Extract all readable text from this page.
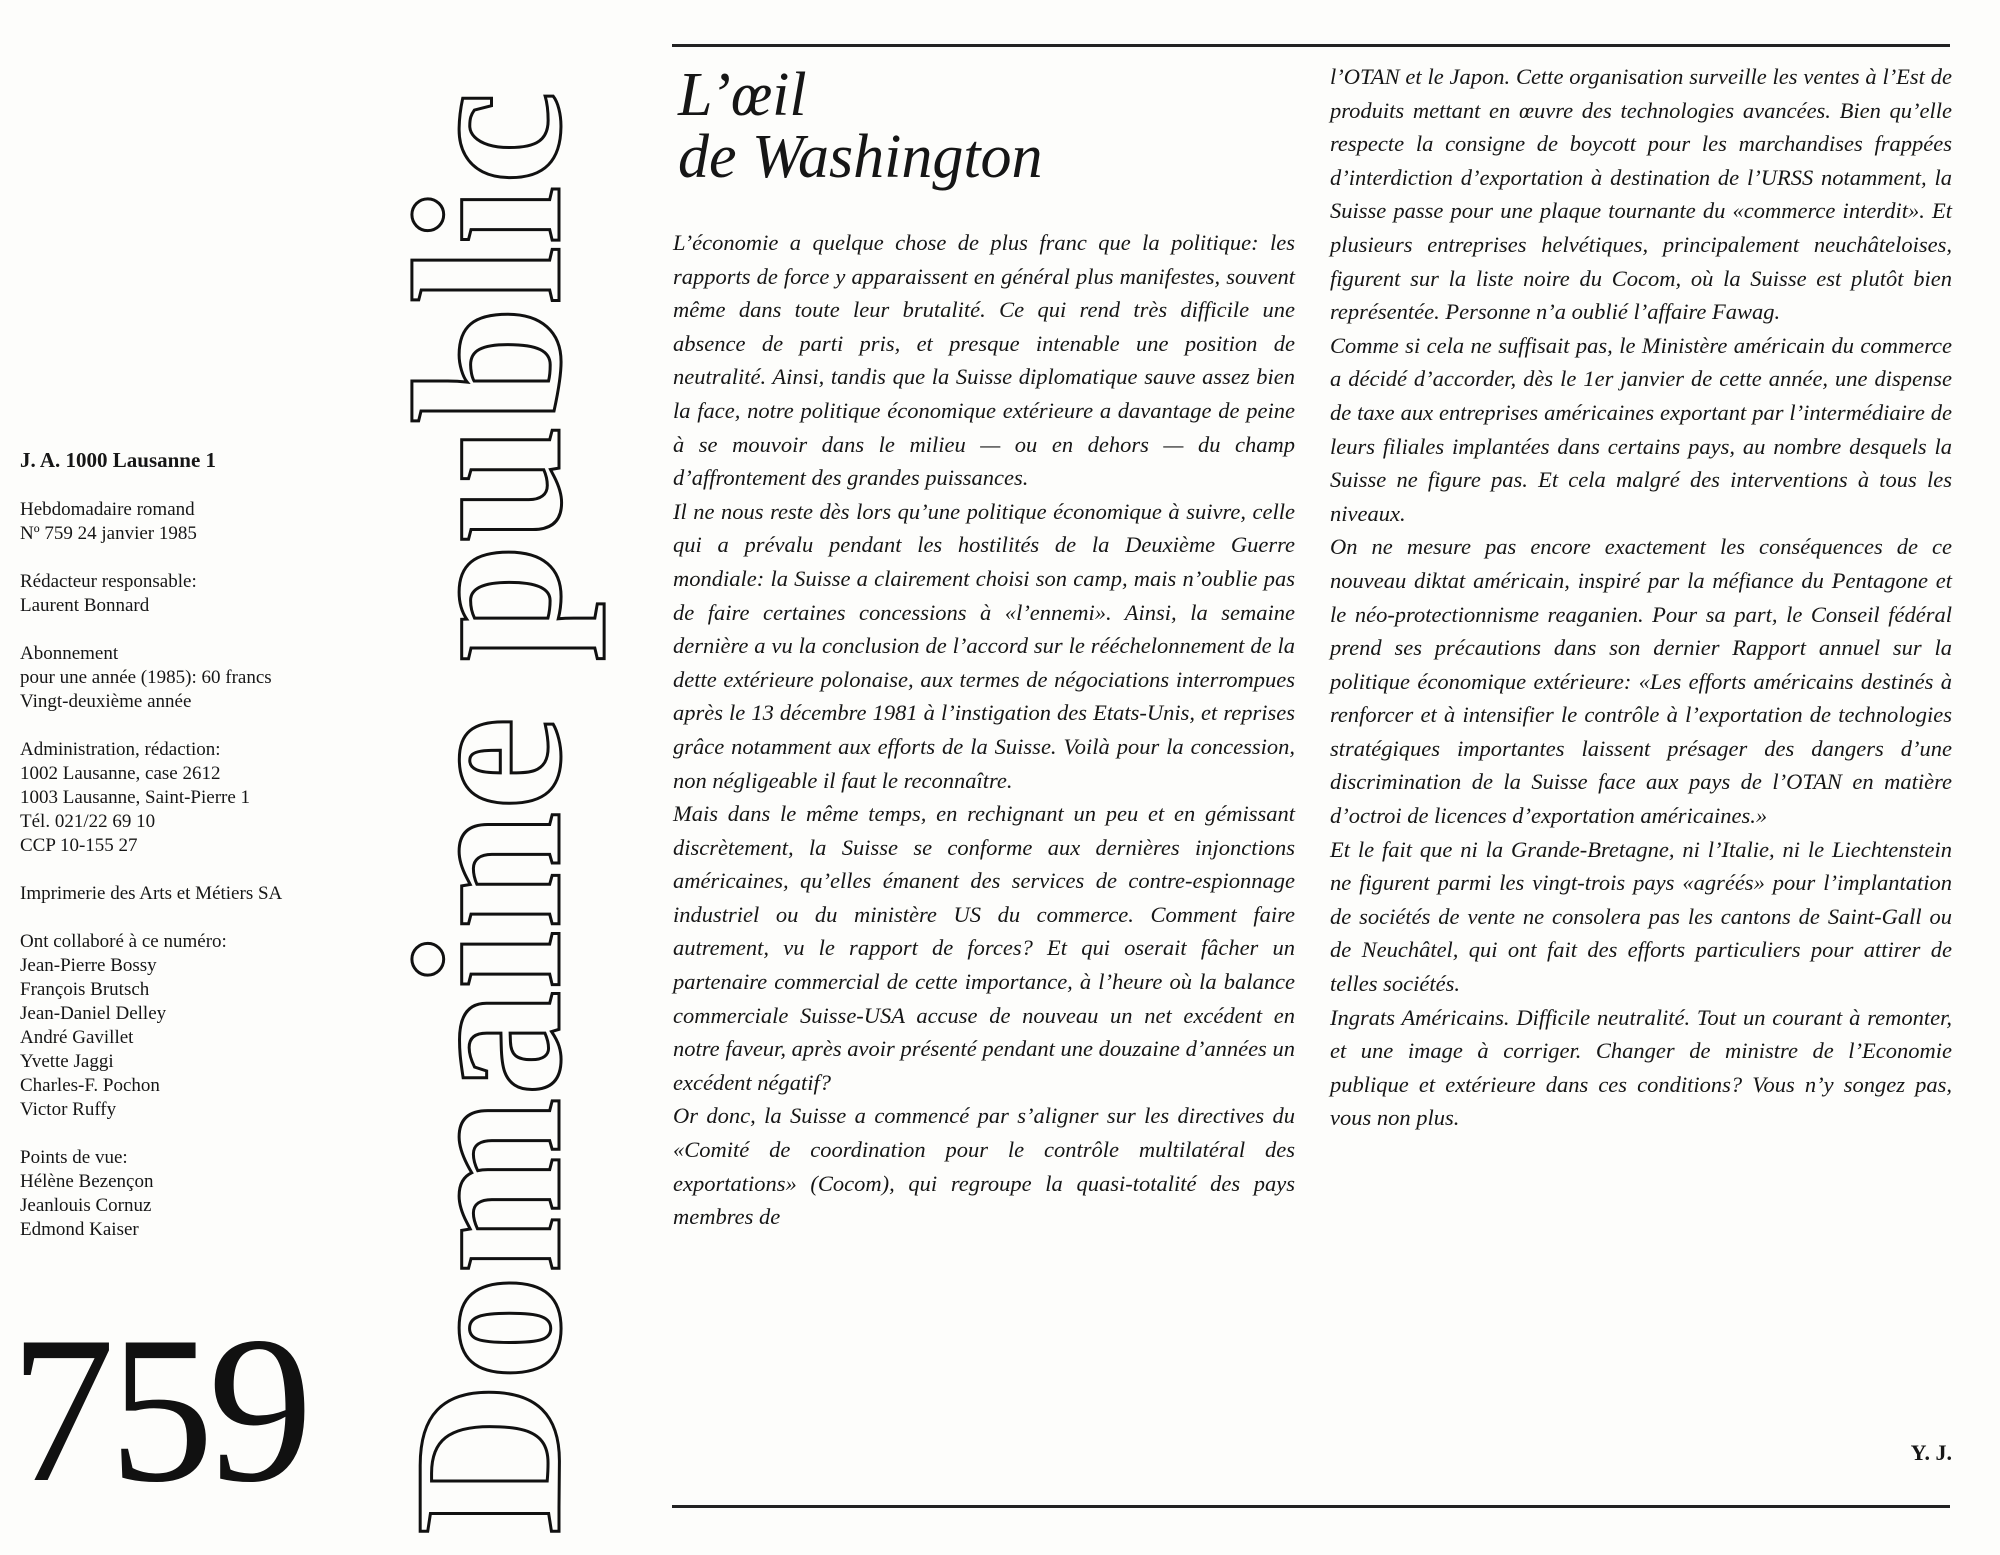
J. A. 1000 Lausanne 1
Hebdomadaire romand
Nº 759 24 janvier 1985
Rédacteur responsable:
Laurent Bonnard
Abonnement
pour une année (1985): 60 francs
Vingt-deuxième année
Administration, rédaction:
1002 Lausanne, case 2612
1003 Lausanne, Saint-Pierre 1
Tél. 021/22 69 10
CCP 10-155 27
Imprimerie des Arts et Métiers SA
Ont collaboré à ce numéro:
Jean-Pierre Bossy
François Brutsch
Jean-Daniel Delley
André Gavillet
Yvette Jaggi
Charles-F. Pochon
Victor Ruffy
Points de vue:
Hélène Bezençon
Jeanlouis Cornuz
Edmond Kaiser
759 Domaine public L’œil
de Washington

L’économie a quelque chose de plus franc que la politique: les rapports de force y apparaissent en général plus manifestes, souvent même dans toute leur brutalité. Ce qui rend très difficile une absence de parti pris, et presque intenable une position de neutralité. Ainsi, tandis que la Suisse diplomatique sauve assez bien la face, notre politique économique extérieure a davantage de peine à se mouvoir dans le milieu — ou en dehors — du champ d’affrontement des grandes puissances.

Il ne nous reste dès lors qu’une politique économique à suivre, celle qui a prévalu pendant les hostilités de la Deuxième Guerre mondiale: la Suisse a clairement choisi son camp, mais n’oublie pas de faire certaines concessions à «l’ennemi». Ainsi, la semaine dernière a vu la conclusion de l’accord sur le rééchelonnement de la dette extérieure polonaise, aux termes de négociations interrompues après le 13 décembre 1981 à l’instigation des Etats-Unis, et reprises grâce notamment aux efforts de la Suisse. Voilà pour la concession, non négligeable il faut le reconnaître.

Mais dans le même temps, en rechignant un peu et en gémissant discrètement, la Suisse se conforme aux dernières injonctions américaines, qu’elles émanent des services de contre-espionnage industriel ou du ministère US du commerce. Comment faire autrement, vu le rapport de forces? Et qui oserait fâcher un partenaire commercial de cette importance, à l’heure où la balance commerciale Suisse-USA accuse de nouveau un net excédent en notre faveur, après avoir présenté pendant une douzaine d’années un excédent négatif?

Or donc, la Suisse a commencé par s’aligner sur les directives du «Comité de coordination pour le contrôle multilatéral des exportations» (Cocom), qui regroupe la quasi-totalité des pays membres de

l’OTAN et le Japon. Cette organisation surveille les ventes à l’Est de produits mettant en œuvre des technologies avancées. Bien qu’elle respecte la consigne de boycott pour les marchandises frappées d’interdiction d’exportation à destination de l’URSS notamment, la Suisse passe pour une plaque tournante du «commerce interdit». Et plusieurs entreprises helvétiques, principalement neuchâteloises, figurent sur la liste noire du Cocom, où la Suisse est plutôt bien représentée. Personne n’a oublié l’affaire Fawag.

Comme si cela ne suffisait pas, le Ministère américain du commerce a décidé d’accorder, dès le 1er janvier de cette année, une dispense de taxe aux entreprises américaines exportant par l’intermédiaire de leurs filiales implantées dans certains pays, au nombre desquels la Suisse ne figure pas. Et cela malgré des interventions à tous les niveaux.

On ne mesure pas encore exactement les conséquences de ce nouveau diktat américain, inspiré par la méfiance du Pentagone et le néo-protectionnisme reaganien. Pour sa part, le Conseil fédéral prend ses précautions dans son dernier Rapport annuel sur la politique économique extérieure: «Les efforts américains destinés à renforcer et à intensifier le contrôle à l’exportation de technologies stratégiques importantes laissent présager des dangers d’une discrimination de la Suisse face aux pays de l’OTAN en matière d’octroi de licences d’exportation américaines.»

Et le fait que ni la Grande-Bretagne, ni l’Italie, ni le Liechtenstein ne figurent parmi les vingt-trois pays «agréés» pour l’implantation de sociétés de vente ne consolera pas les cantons de Saint-Gall ou de Neuchâtel, qui ont fait des efforts particuliers pour attirer de telles sociétés.

Ingrats Américains. Difficile neutralité. Tout un courant à remonter, et une image à corriger. Changer de ministre de l’Economie publique et extérieure dans ces conditions? Vous n’y songez pas, vous non plus.

Y. J.
